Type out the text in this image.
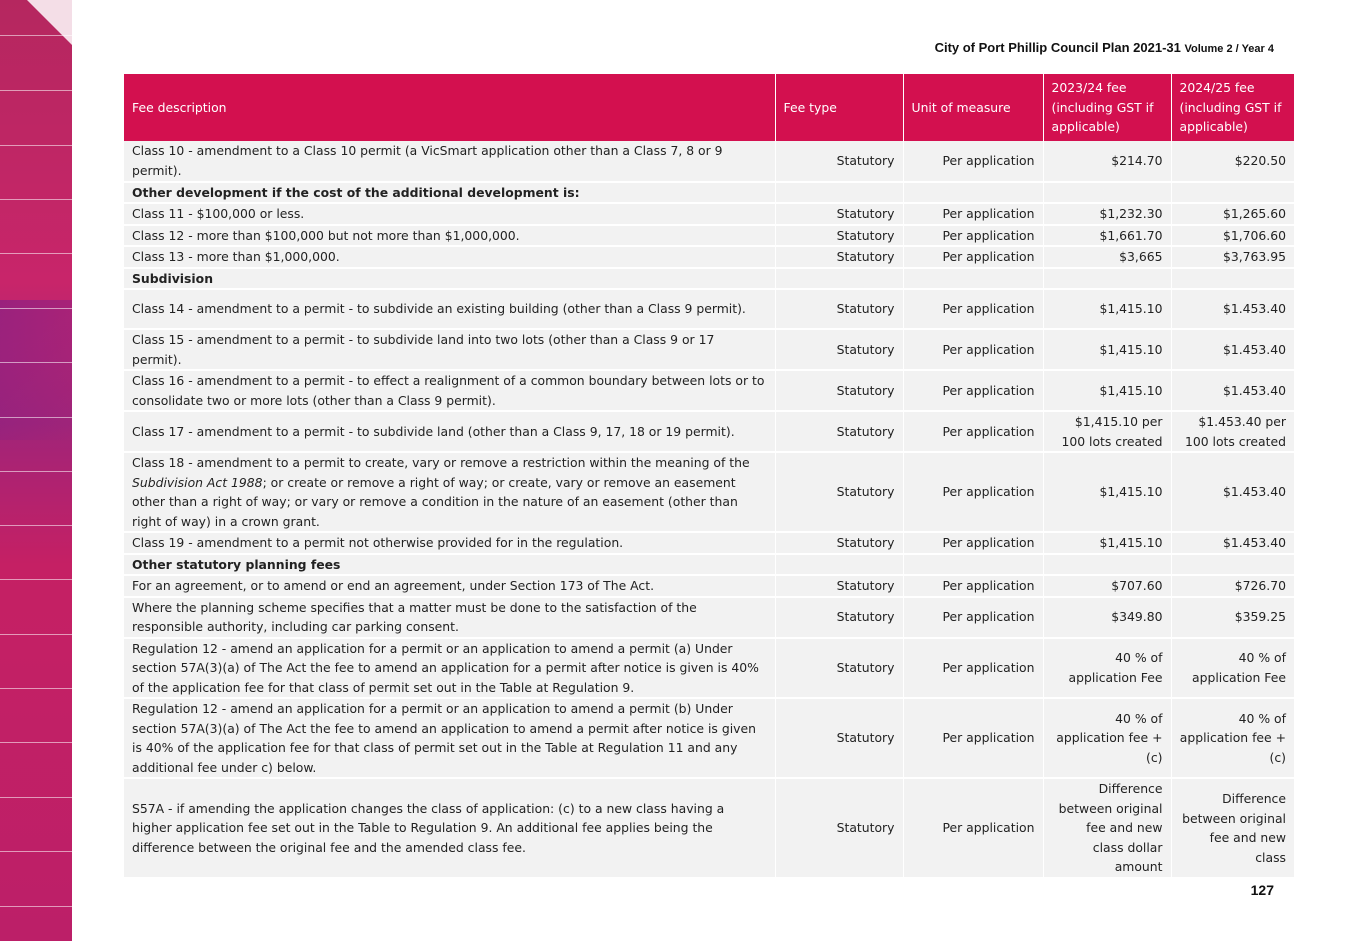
City of Port Phillip Council Plan 2021-31 Volume 2 / Year 4
Fee description	Fee type	Unit of measure	2023/24 fee (including GST if applicable)	2024/25 fee (including GST if applicable)
Class 10 - amendment to a Class 10 permit (a VicSmart application other than a Class 7, 8 or 9 permit).	Statutory	Per application	$214.70	$220.50
Other development if the cost of the additional development is:				
Class 11 - $100,000 or less.	Statutory	Per application	$1,232.30	$1,265.60
Class 12 - more than $100,000 but not more than $1,000,000.	Statutory	Per application	$1,661.70	$1,706.60
Class 13 - more than $1,000,000.	Statutory	Per application	$3,665	$3,763.95
Subdivision				
Class 14 - amendment to a permit - to subdivide an existing building (other than a Class 9 permit).	Statutory	Per application	$1,415.10	$1.453.40
Class 15 - amendment to a permit - to subdivide land into two lots (other than a Class 9 or 17 permit).	Statutory	Per application	$1,415.10	$1.453.40
Class 16 - amendment to a permit - to effect a realignment of a common boundary between lots or to consolidate two or more lots (other than a Class 9 permit).	Statutory	Per application	$1,415.10	$1.453.40
Class 17 - amendment to a permit - to subdivide land (other than a Class 9, 17, 18 or 19 permit).	Statutory	Per application	$1,415.10 per 100 lots created	$1.453.40 per 100 lots created
Class 18 - amendment to a permit to create, vary or remove a restriction within the meaning of the Subdivision Act 1988; or create or remove a right of way; or create, vary or remove an easement other than a right of way; or vary or remove a condition in the nature of an easement (other than right of way) in a crown grant.	Statutory	Per application	$1,415.10	$1.453.40
Class 19 - amendment to a permit not otherwise provided for in the regulation.	Statutory	Per application	$1,415.10	$1.453.40
Other statutory planning fees				
For an agreement, or to amend or end an agreement, under Section 173 of The Act.	Statutory	Per application	$707.60	$726.70
Where the planning scheme specifies that a matter must be done to the satisfaction of the responsible authority, including car parking consent.	Statutory	Per application	$349.80	$359.25
Regulation 12 - amend an application for a permit or an application to amend a permit (a) Under section 57A(3)(a) of The Act the fee to amend an application for a permit after notice is given is 40% of the application fee for that class of permit set out in the Table at Regulation 9.	Statutory	Per application	40 % of application Fee	40 % of application Fee
Regulation 12 - amend an application for a permit or an application to amend a permit (b) Under section 57A(3)(a) of The Act the fee to amend an application to amend a permit after notice is given is 40% of the application fee for that class of permit set out in the Table at Regulation 11 and any additional fee under c) below.	Statutory	Per application	40 % of application fee + (c)	40 % of application fee + (c)
S57A - if amending the application changes the class of application: (c) to a new class having a higher application fee set out in the Table to Regulation 9. An additional fee applies being the difference between the original fee and the amended class fee.	Statutory	Per application	Difference between original fee and new class dollar amount	Difference between original fee and new class
127
